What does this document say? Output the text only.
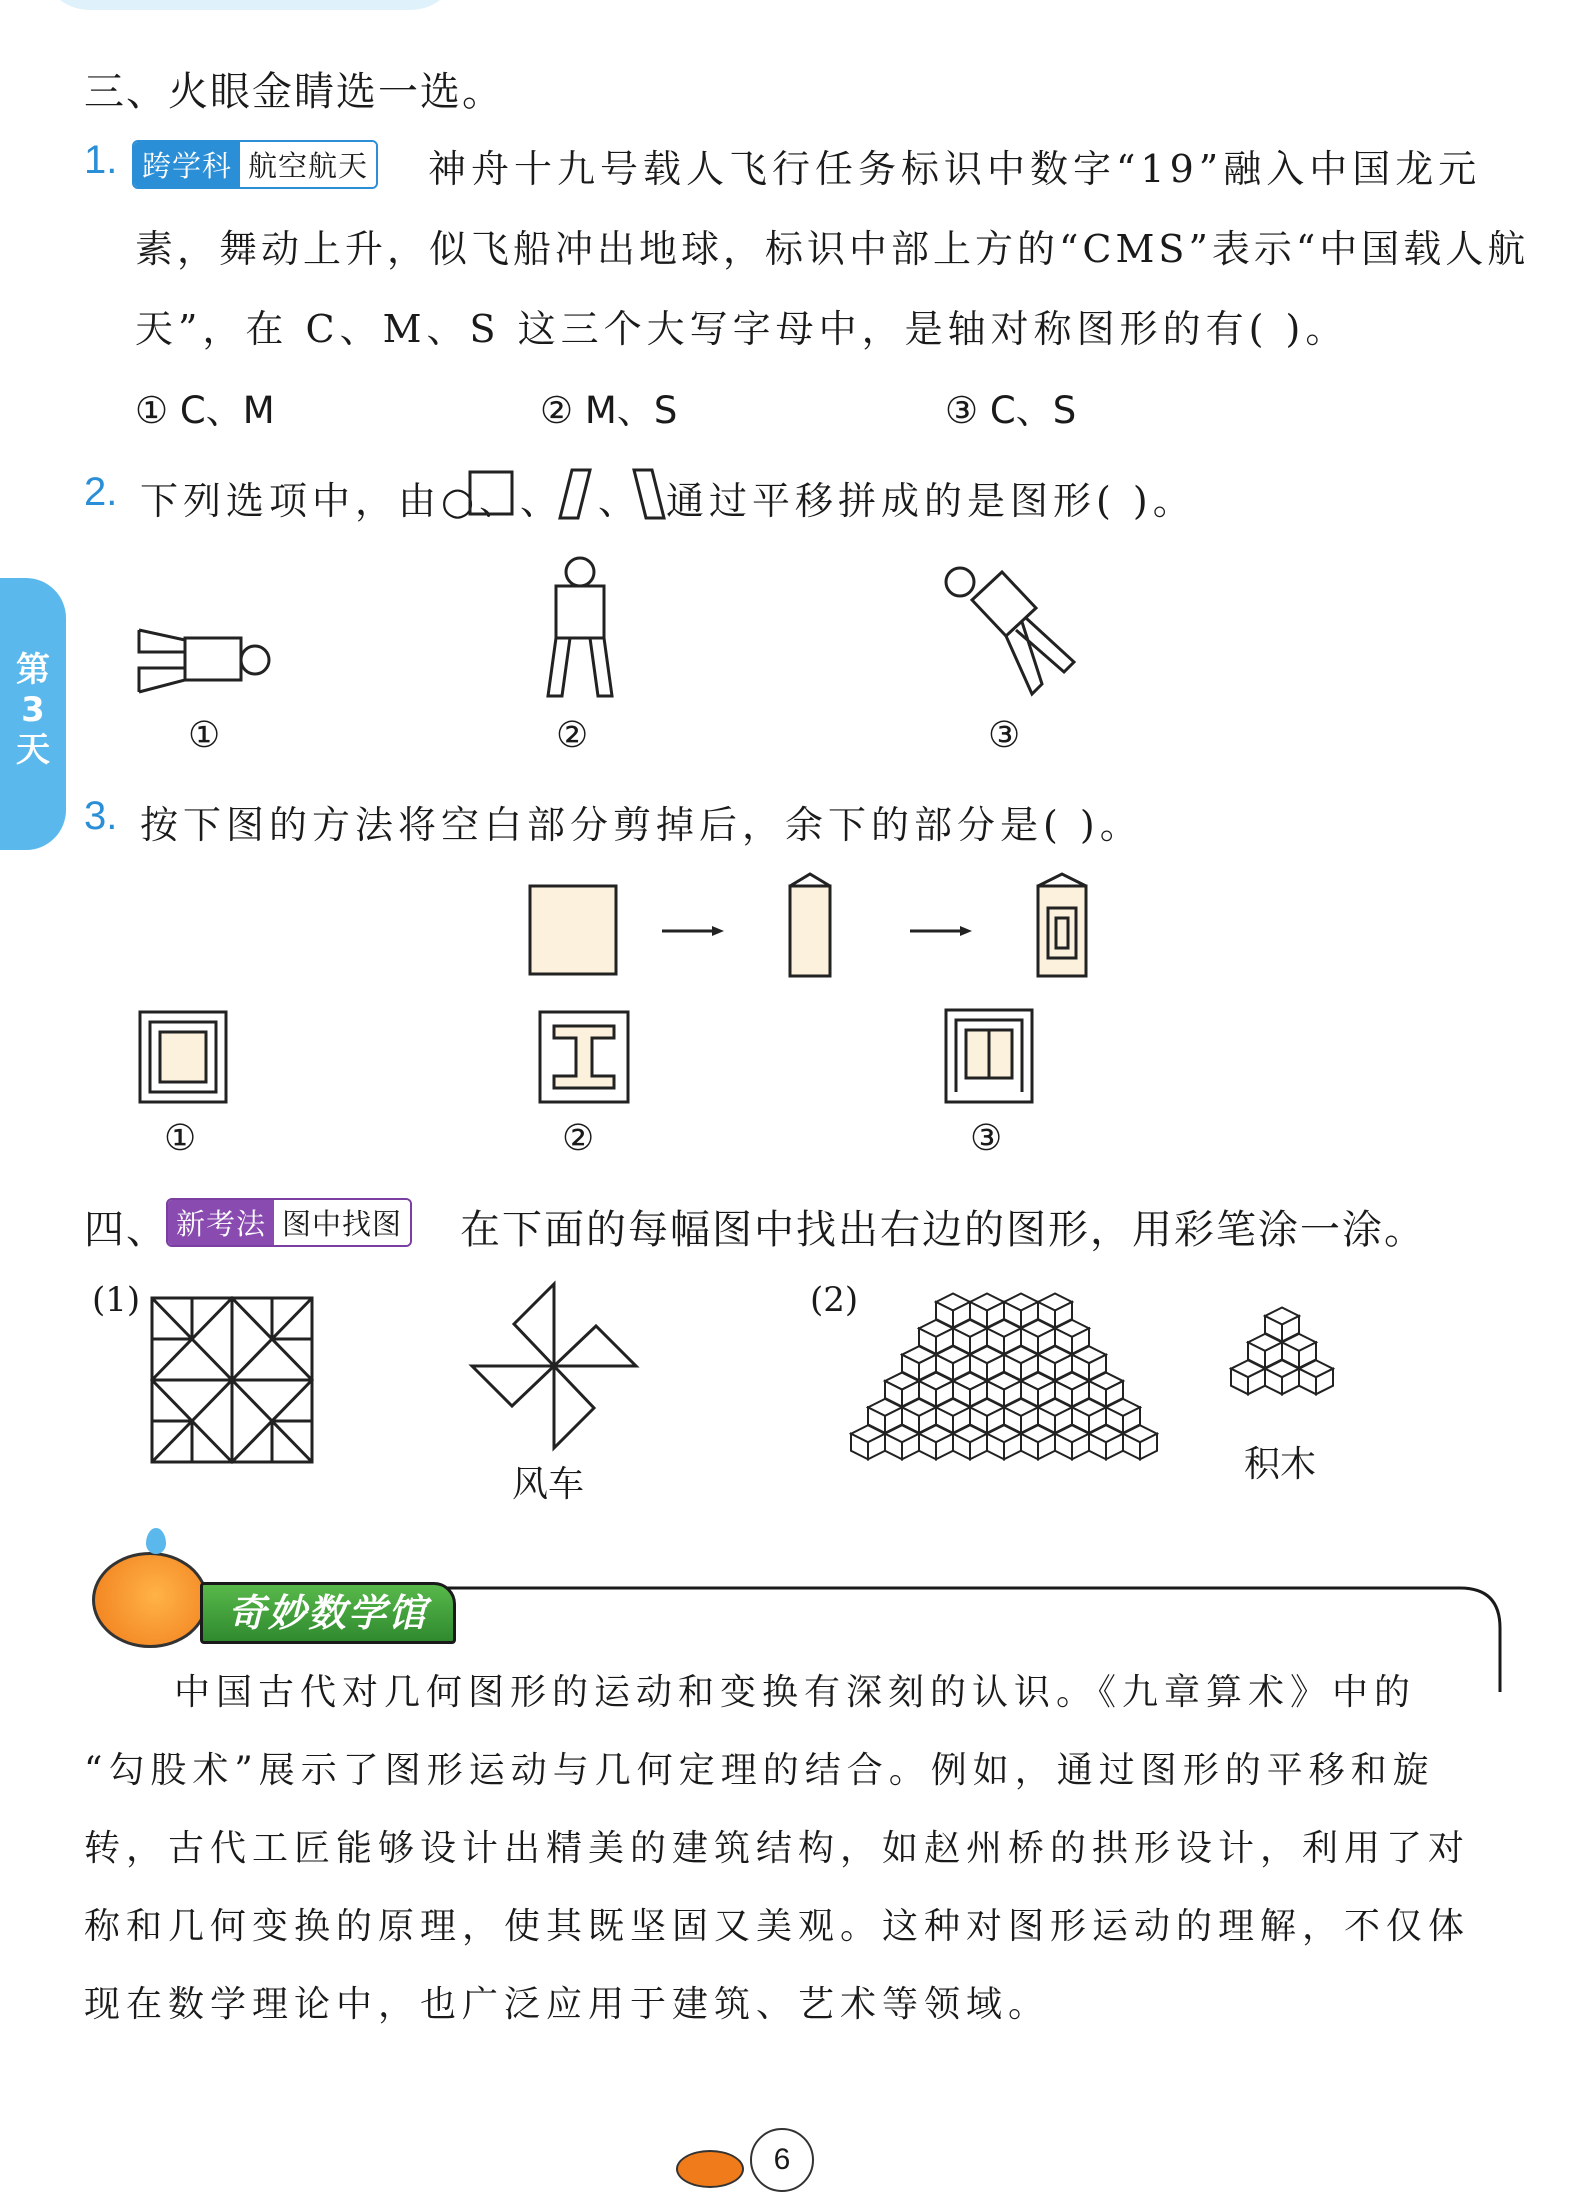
三、火眼金睛选一选。
1. 跨学科 航空航天 神舟十九号载人飞行任务标识中数字“19”融入中国龙元
素，舞动上升，似飞船冲出地球，标识中部上方的“CMS”表示“中国载人航
天”，在 C、M、S 这三个大写字母中，是轴对称图形的有( )。
① C、M	② M、S	③ C、S
2. 下列选项中，由○、
、 、 通过平移拼成的是图形( )。
①	②	③
3. 按下图的方法将空白部分剪掉后，余下的部分是( )。
①	②	③
四、 新考法 图中找图 在下面的每幅图中找出右边的图形，用彩笔涂一涂。
(1)
风车
(2)
积木
第
3
天
奇妙数学馆
中国古代对几何图形的运动和变换有深刻的认识。《九章算术》中的
“勾股术”展示了图形运动与几何定理的结合。例如，通过图形的平移和旋
转，古代工匠能够设计出精美的建筑结构，如赵州桥的拱形设计，利用了对
称和几何变换的原理，使其既坚固又美观。这种对图形运动的理解，不仅体
现在数学理论中，也广泛应用于建筑、艺术等领域。
6
